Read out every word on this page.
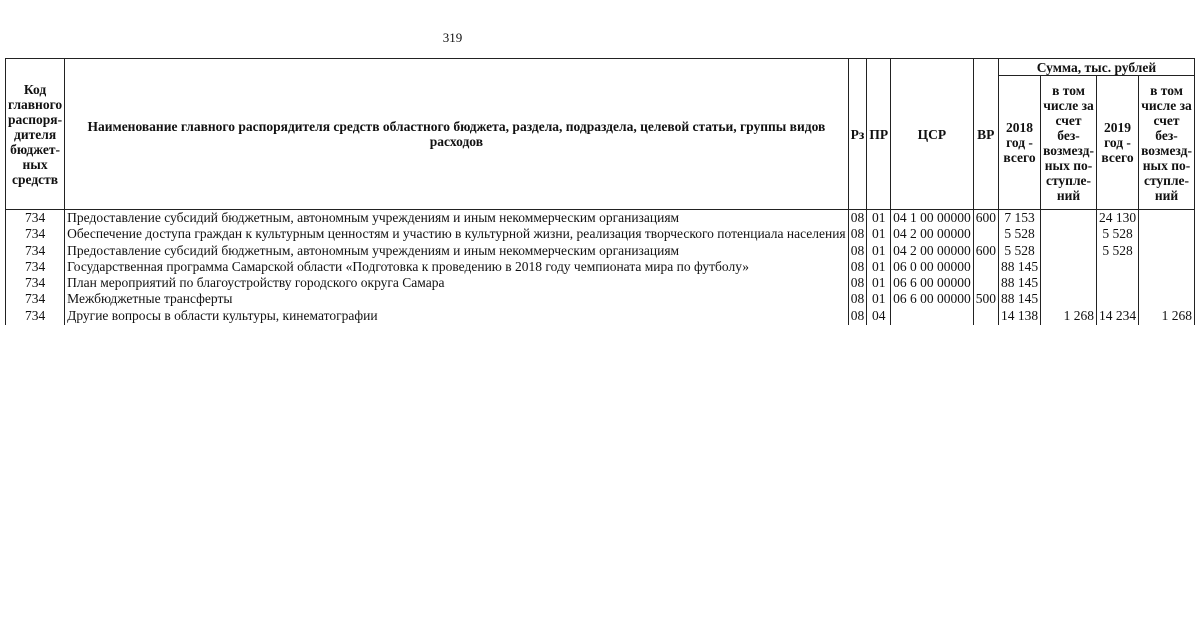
319
Код главного распоря-дителя бюджет-ных средств	Наименование главного распорядителя средств областного бюджета, раздела, подраздела, целевой статьи, группы видов расходов	Рз	ПР	ЦСР	ВР	Сумма, тыс. рублей			
						2018 год - всего	в том числе за счет без-возмезд-ных по-ступле-ний	2019 год - всего	в том числе за счет без-возмезд-ных по-ступле-ний
734	Предоставление субсидий бюджетным, автономным учреждениям и иным некоммерческим организациям	08	01	04 1 00 00000	600	7 153		24 130	
734	Обеспечение доступа граждан к культурным ценностям и участию в культурной жизни, реализация творческого потенциала населения	08	01	04 2 00 00000		5 528		5 528	
734	Предоставление субсидий бюджетным, автономным учреждениям и иным некоммерческим организациям	08	01	04 2 00 00000	600	5 528		5 528	
734	Государственная программа Самарской области «Подготовка к проведению в 2018 году чемпионата мира по футболу»	08	01	06 0 00 00000		88 145			
734	План мероприятий по благоустройству городского округа Самара	08	01	06 6 00 00000		88 145			
734	Межбюджетные трансферты	08	01	06 6 00 00000	500	88 145			
734	Другие вопросы в области культуры, кинематографии	08	04			14 138	1 268	14 234	1 268
